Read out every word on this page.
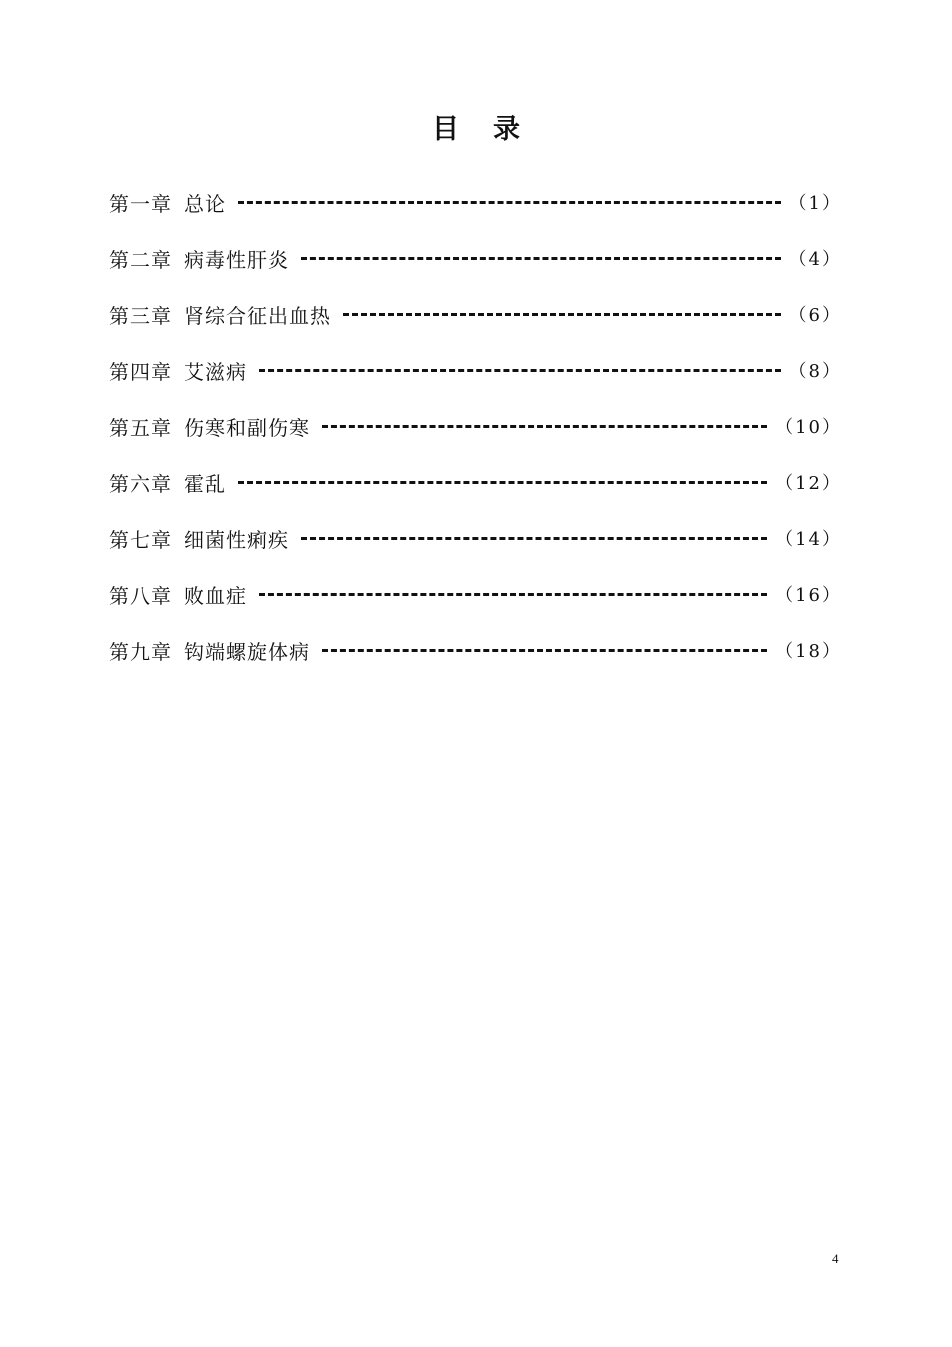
目录
第一章 总论	（1）
第二章 病毒性肝炎	（4）
第三章 肾综合征出血热	（6）
第四章 艾滋病	（8）
第五章 伤寒和副伤寒	（10）
第六章 霍乱	（12）
第七章 细菌性痢疾	（14）
第八章 败血症	（16）
第九章 钩端螺旋体病	（18）
4
